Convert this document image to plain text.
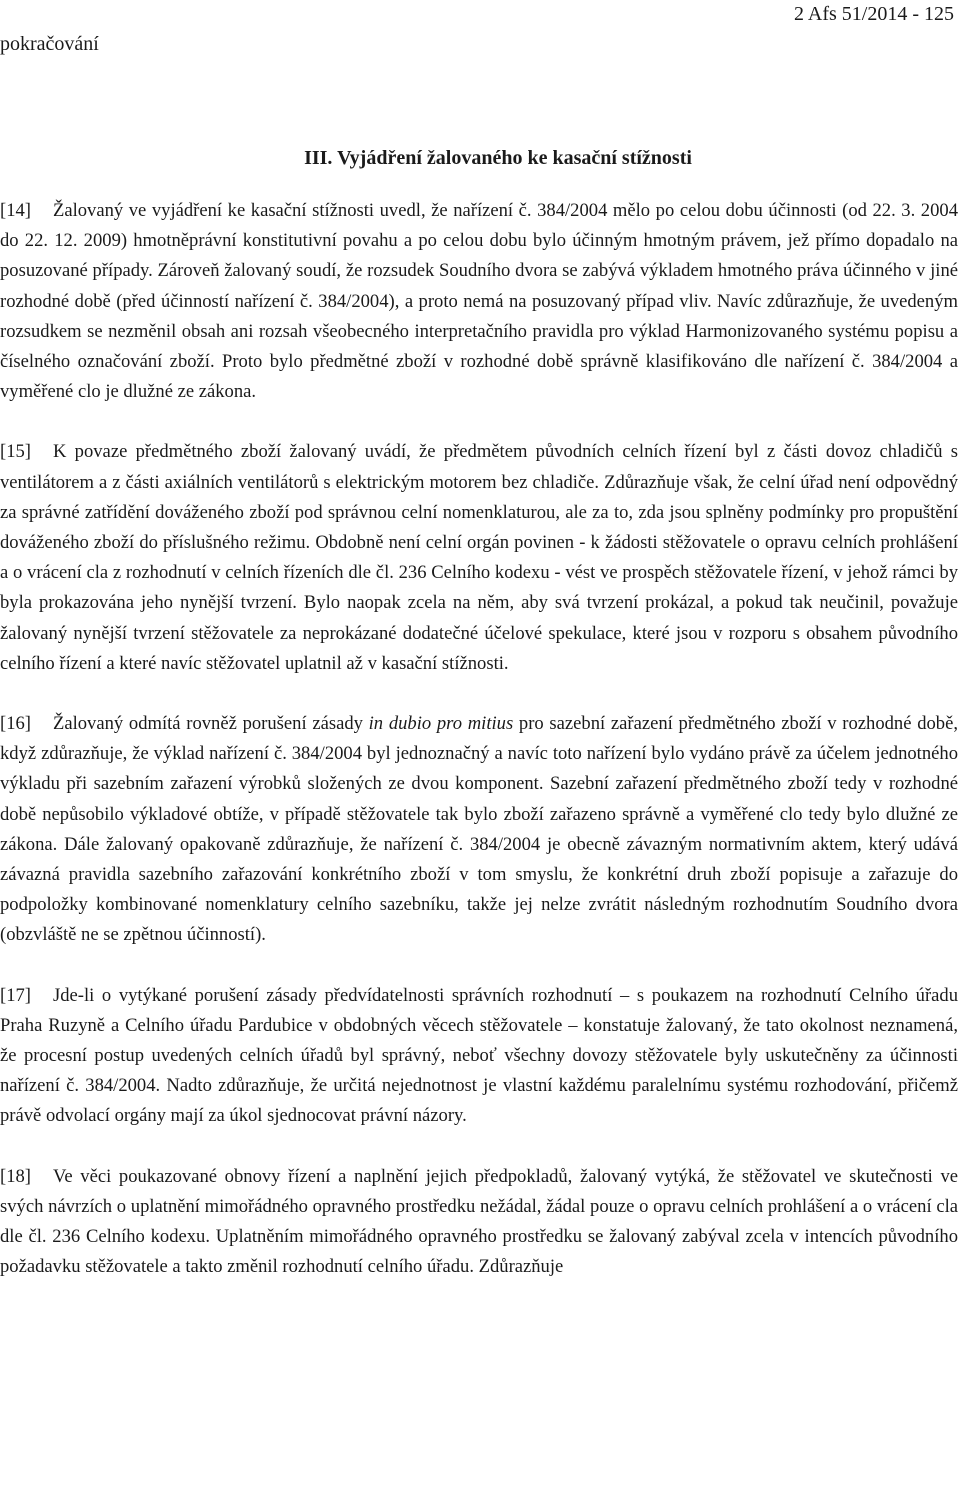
pokračování
2 Afs 51/2014 - 125
III. Vyjádření žalovaného ke kasační stížnosti

[14] Žalovaný ve vyjádření ke kasační stížnosti uvedl, že nařízení č. 384/2004 mělo po celou dobu účinnosti (od 22. 3. 2004 do 22. 12. 2009) hmotněprávní konstitutivní povahu a po celou dobu bylo účinným hmotným právem, jež přímo dopadalo na posuzované případy. Zároveň žalovaný soudí, že rozsudek Soudního dvora se zabývá výkladem hmotného práva účinného v jiné rozhodné době (před účinností nařízení č. 384/2004), a proto nemá na posuzovaný případ vliv. Navíc zdůrazňuje, že uvedeným rozsudkem se nezměnil obsah ani rozsah všeobecného interpretačního pravidla pro výklad Harmonizovaného systému popisu a číselného označování zboží. Proto bylo předmětné zboží v rozhodné době správně klasifikováno dle nařízení č. 384/2004 a vyměřené clo je dlužné ze zákona.

[15] K povaze předmětného zboží žalovaný uvádí, že předmětem původních celních řízení byl z části dovoz chladičů s ventilátorem a z části axiálních ventilátorů s elektrickým motorem bez chladiče. Zdůrazňuje však, že celní úřad není odpovědný za správné zatřídění dováženého zboží pod správnou celní nomenklaturou, ale za to, zda jsou splněny podmínky pro propuštění dováženého zboží do příslušného režimu. Obdobně není celní orgán povinen - k žádosti stěžovatele o opravu celních prohlášení a o vrácení cla z rozhodnutí v celních řízeních dle čl. 236 Celního kodexu - vést ve prospěch stěžovatele řízení, v jehož rámci by byla prokazována jeho nynější tvrzení. Bylo naopak zcela na něm, aby svá tvrzení prokázal, a pokud tak neučinil, považuje žalovaný nynější tvrzení stěžovatele za neprokázané dodatečné účelové spekulace, které jsou v rozporu s obsahem původního celního řízení a které navíc stěžovatel uplatnil až v kasační stížnosti.

[16] Žalovaný odmítá rovněž porušení zásady in dubio pro mitius pro sazební zařazení předmětného zboží v rozhodné době, když zdůrazňuje, že výklad nařízení č. 384/2004 byl jednoznačný a navíc toto nařízení bylo vydáno právě za účelem jednotného výkladu při sazebním zařazení výrobků složených ze dvou komponent. Sazební zařazení předmětného zboží tedy v rozhodné době nepůsobilo výkladové obtíže, v případě stěžovatele tak bylo zboží zařazeno správně a vyměřené clo tedy bylo dlužné ze zákona. Dále žalovaný opakovaně zdůrazňuje, že nařízení č. 384/2004 je obecně závazným normativním aktem, který udává závazná pravidla sazebního zařazování konkrétního zboží v tom smyslu, že konkrétní druh zboží popisuje a zařazuje do podpoložky kombinované nomenklatury celního sazebníku, takže jej nelze zvrátit následným rozhodnutím Soudního dvora (obzvláště ne se zpětnou účinností).

[17] Jde-li o vytýkané porušení zásady předvídatelnosti správních rozhodnutí – s poukazem na rozhodnutí Celního úřadu Praha Ruzyně a Celního úřadu Pardubice v obdobných věcech stěžovatele – konstatuje žalovaný, že tato okolnost neznamená, že procesní postup uvedených celních úřadů byl správný, neboť všechny dovozy stěžovatele byly uskutečněny za účinnosti nařízení č. 384/2004. Nadto zdůrazňuje, že určitá nejednotnost je vlastní každému paralelnímu systému rozhodování, přičemž právě odvolací orgány mají za úkol sjednocovat právní názory.

[18] Ve věci poukazované obnovy řízení a naplnění jejich předpokladů, žalovaný vytýká, že stěžovatel ve skutečnosti ve svých návrzích o uplatnění mimořádného opravného prostředku nežádal, žádal pouze o opravu celních prohlášení a o vrácení cla dle čl. 236 Celního kodexu. Uplatněním mimořádného opravného prostředku se žalovaný zabýval zcela v intencích původního požadavku stěžovatele a takto změnil rozhodnutí celního úřadu. Zdůrazňuje
